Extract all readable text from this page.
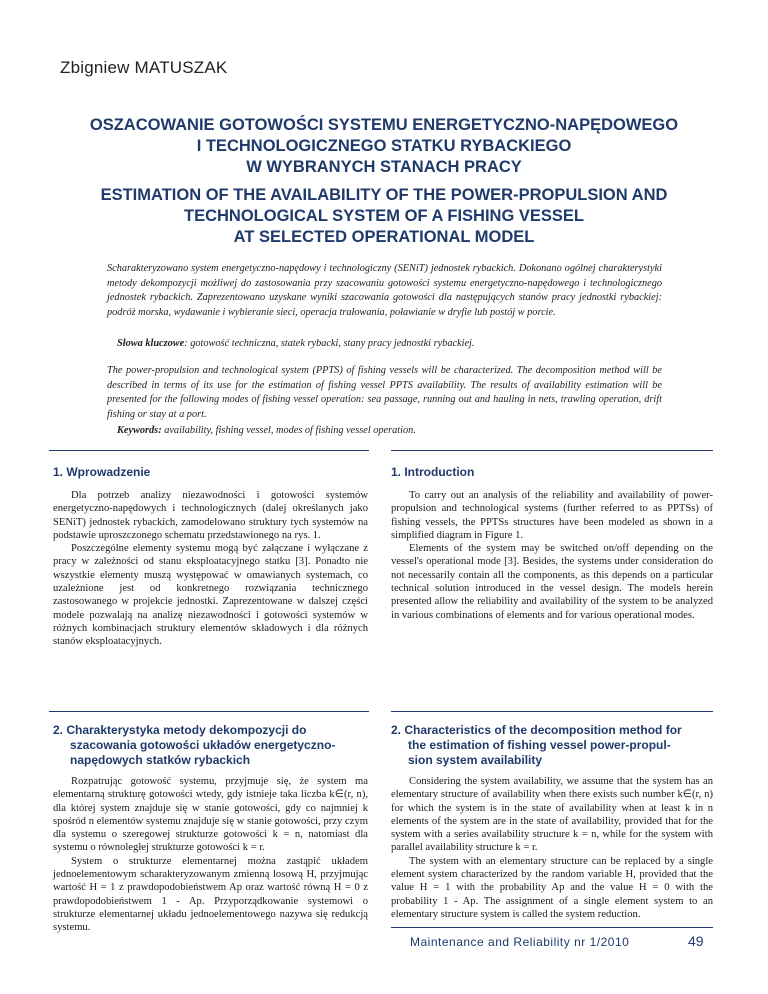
Zbigniew MATUSZAK
OSZACOWANIE GOTOWOŚCI SYSTEMU ENERGETYCZNO-NAPĘDOWEGO
I TECHNOLOGICZNEGO STATKU RYBACKIEGO
W WYBRANYCH STANACH PRACY
ESTIMATION OF THE AVAILABILITY OF THE POWER-PROPULSION AND
TECHNOLOGICAL SYSTEM OF A FISHING VESSEL
AT SELECTED OPERATIONAL MODEL
Scharakteryzowano system energetyczno-napędowy i technologiczny (SENiT) jednostek rybackich. Dokonano ogólnej charakterystyki metody dekompozycji możliwej do zastosowania przy szacowaniu gotowości systemu energetyczno-napędowego i technologicznego jednostek rybackich. Zaprezentowano uzyskane wyniki szacowania gotowości dla następujących stanów pracy jednostki rybackiej: podróż morska, wydawanie i wybieranie sieci, operacja trałowania, poławianie w dryfie lub postój w porcie.
Słowa kluczowe: gotowość techniczna, statek rybacki, stany pracy jednostki rybackiej.
The power-propulsion and technological system (PPTS) of fishing vessels will be characterized. The decomposition method will be described in terms of its use for the estimation of fishing vessel PPTS availability. The results of availability estimation will be presented for the following modes of fishing vessel operation: sea passage, running out and hauling in nets, trawling operation, drift fishing or stay at a port.
Keywords: availability, fishing vessel, modes of fishing vessel operation.
1. Wprowadzenie	1. Introduction

Dla potrzeb analizy niezawodności i gotowości systemów energetyczno-napędowych i technologicznych (dalej określanych jako SENiT) jednostek rybackich, zamodelowano struktury tych systemów na podstawie uproszczonego schematu przedstawionego na rys. 1.

Poszczególne elementy systemu mogą być załączane i wyłączane z pracy w zależności od stanu eksploatacyjnego statku [3]. Ponadto nie wszystkie elementy muszą występować w omawianych systemach, co uzależnione jest od konkretnego rozwiązania technicznego zastosowanego w projekcie jednostki. Zaprezentowane w dalszej części modele pozwalają na analizę niezawodności i gotowości systemów w różnych kombinacjach struktury elementów składowych i dla różnych stanów eksploatacyjnych.

To carry out an analysis of the reliability and availability of power-propulsion and technological systems (further referred to as PPTSs) of fishing vessels, the PPTSs structures have been modeled as shown in a simplified diagram in Figure 1.

Elements of the system may be switched on/off depending on the vessel's operational mode [3]. Besides, the systems under consideration do not necessarily contain all the components, as this depends on a particular technical solution introduced in the vessel design. The models herein presented allow the reliability and availability of the system to be analyzed in various combinations of elements and for various operational modes.

2. Charakterystyka metody dekompozycji do
szacowania gotowości układów energetyczno-
napędowych statków rybackich
2. Characteristics of the decomposition method for
the estimation of fishing vessel power-propul-
sion system availability

Rozpatrując gotowość systemu, przyjmuje się, że system ma elementarną strukturę gotowości wtedy, gdy istnieje taka liczba k∈(r, n), dla której system znajduje się w stanie gotowości, gdy co najmniej k spośród n elementów systemu znajduje się w stanie gotowości, przy czym dla systemu o szeregowej strukturze gotowości k = n, natomiast dla systemu o równoległej strukturze gotowości k = r.

System o strukturze elementarnej można zastąpić układem jednoelementowym scharakteryzowanym zmienną losową H, przyjmując wartość H = 1 z prawdopodobieństwem Ap oraz wartość równą H = 0 z prawdopodobieństwem 1 - Ap. Przyporządkowanie systemowi o strukturze elementarnej układu jednoelementowego nazywa się redukcją systemu.

Considering the system availability, we assume that the system has an elementary structure of availability when there exists such number k∈(r, n) for which the system is in the state of availability when at least k in n elements of the system are in the state of availability, provided that for the system with a series availability structure k = n, while for the system with parallel availability structure k = r.

The system with an elementary structure can be replaced by a single element system characterized by the random variable H, provided that the value H = 1 with the probability Ap and the value H = 0 with the probability 1 - Ap. The assignment of a single element system to an elementary structure system is called the system reduction.

Maintenance and Reliability nr 1/2010	49
